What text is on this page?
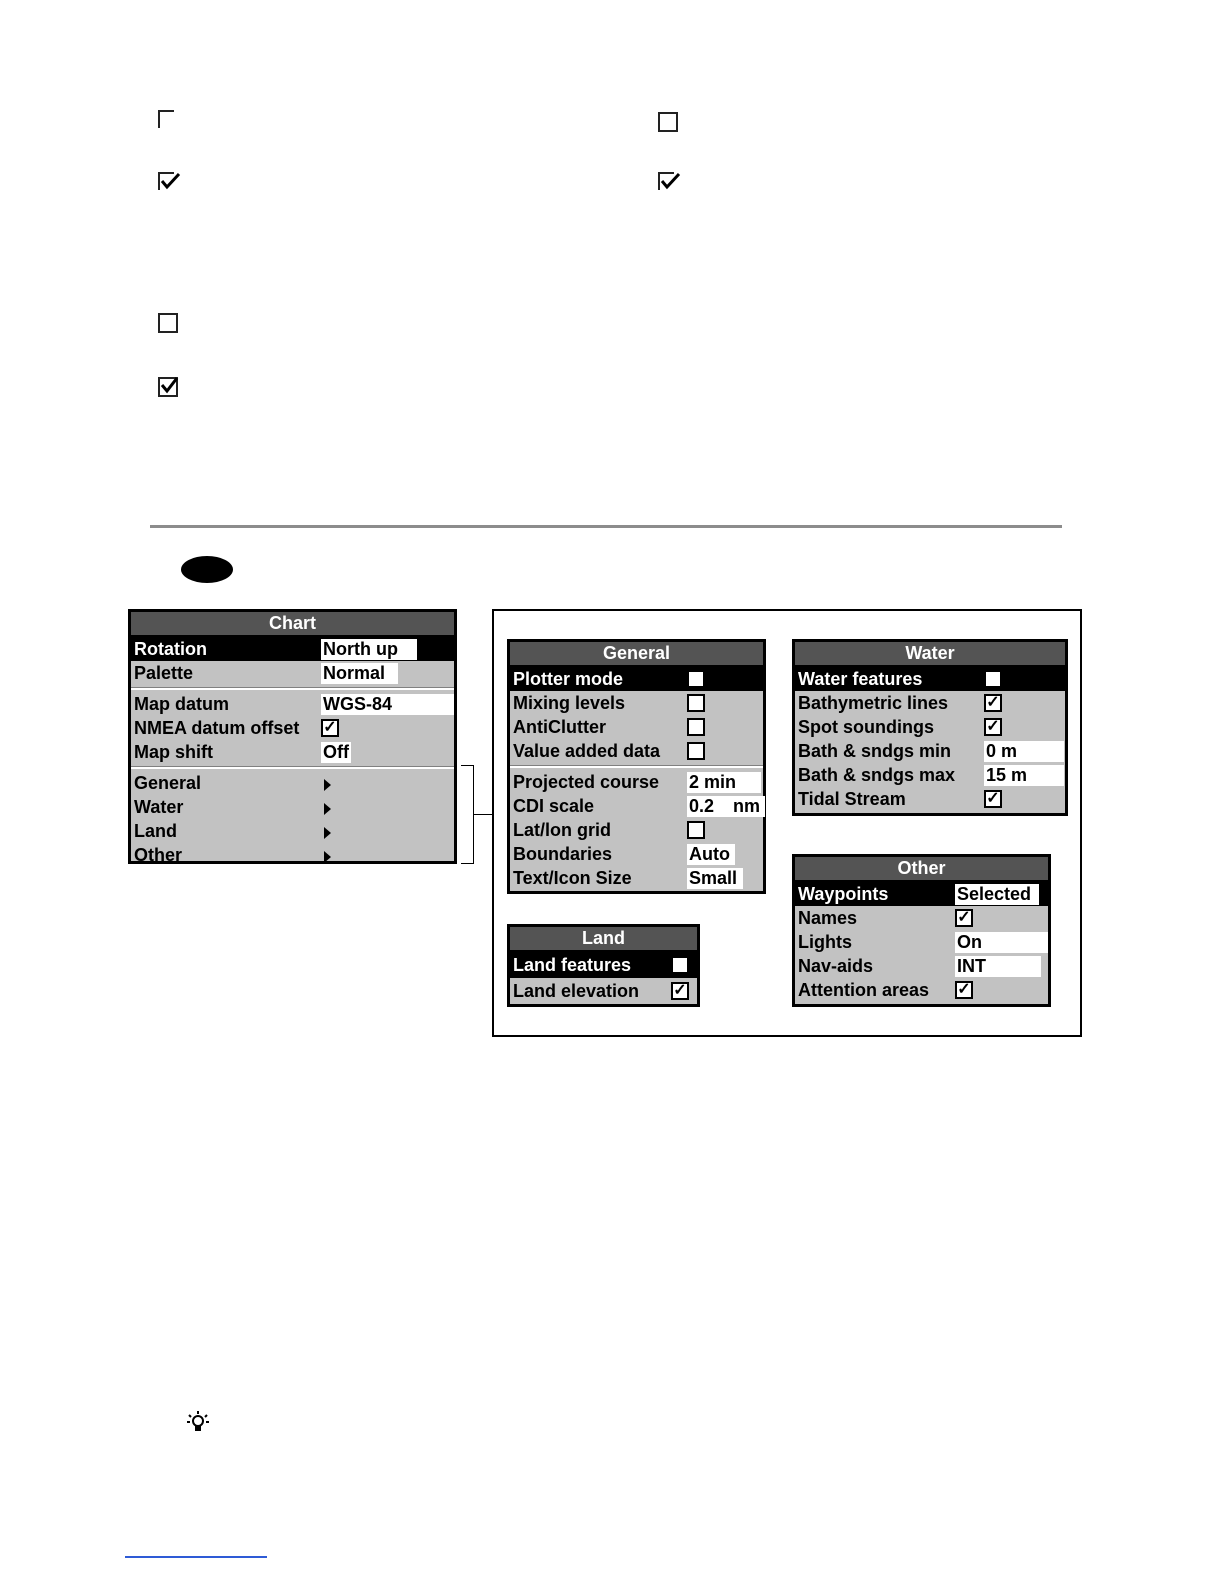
Chart
Rotation	North up
Palette	Normal
Map datum	WGS-84
NMEA datum offset ✓
Map shift	Off
General
Water
Land
Other
General
Plotter mode	✓
Mixing levels
AntiClutter
Value added data
Projected course 2 min
CDI scale	0.2 nm
Lat/lon grid
Boundaries	Auto
Text/Icon Size	Small
Water
Water features	✓
Bathymetric lines ✓
Spot soundings	✓
Bath & sndgs min 0 m
Bath & sndgs max 15 m
Tidal Stream	✓
Land
Land features
Land elevation ✓
Other
Waypoints	Selected
Names	✓
Lights	On
Nav-aids	INT
Attention areas ✓
